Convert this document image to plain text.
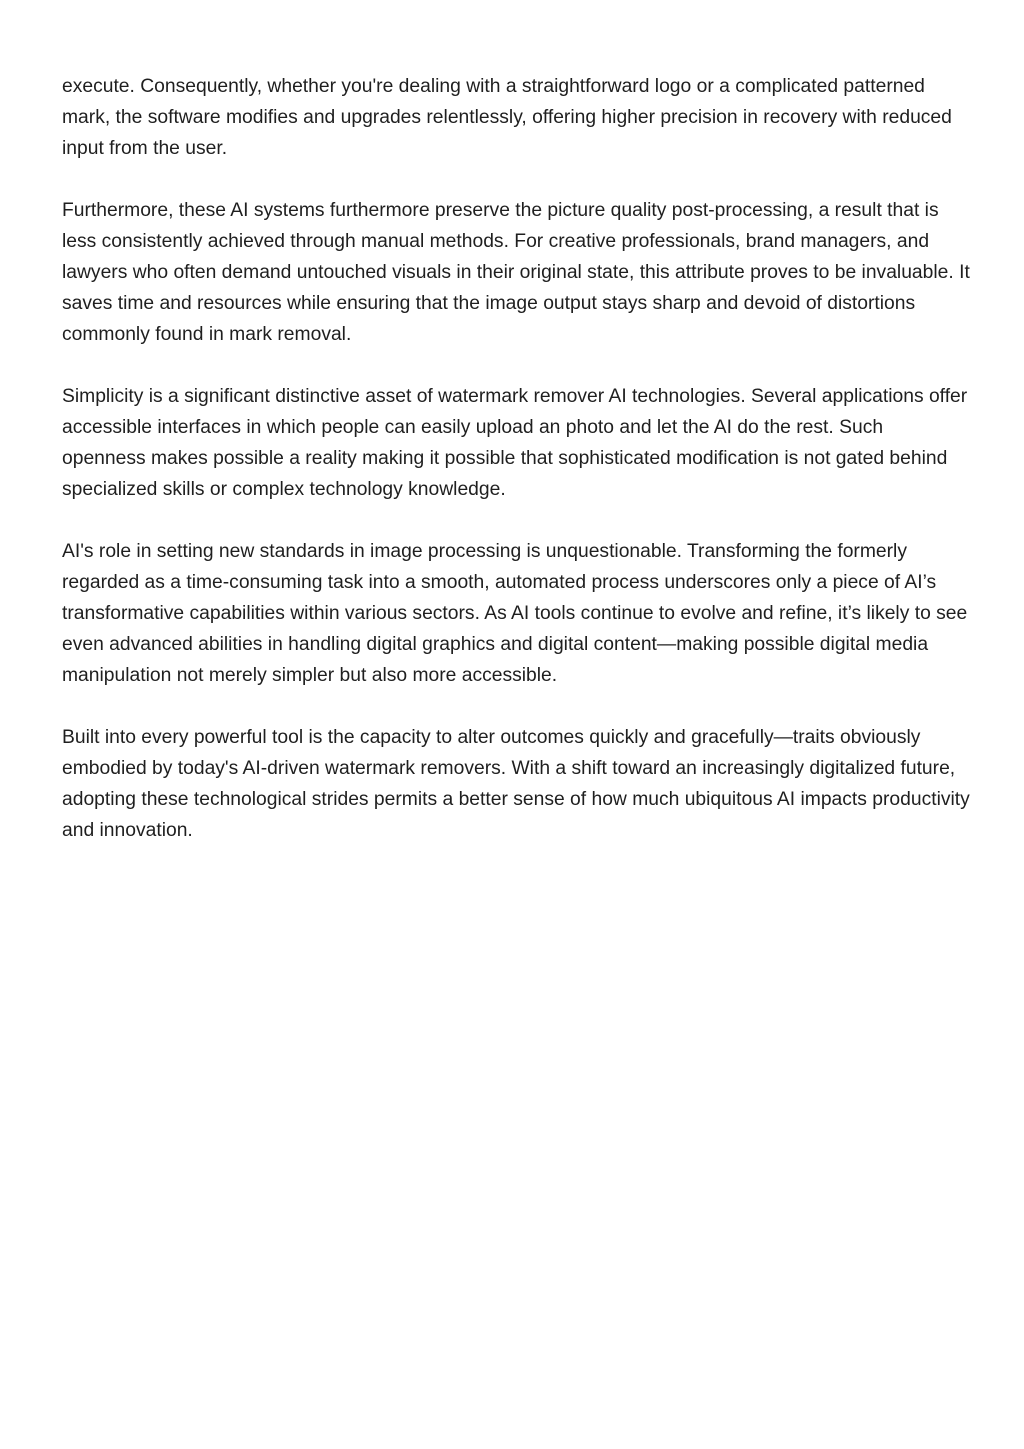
execute. Consequently, whether you're dealing with a straightforward logo or a complicated patterned mark, the software modifies and upgrades relentlessly, offering higher precision in recovery with reduced input from the user.

Furthermore, these AI systems furthermore preserve the picture quality post-processing, a result that is less consistently achieved through manual methods. For creative professionals, brand managers, and lawyers who often demand untouched visuals in their original state, this attribute proves to be invaluable. It saves time and resources while ensuring that the image output stays sharp and devoid of distortions commonly found in mark removal.

Simplicity is a significant distinctive asset of watermark remover AI technologies. Several applications offer accessible interfaces in which people can easily upload an photo and let the AI do the rest. Such openness makes possible a reality making it possible that sophisticated modification is not gated behind specialized skills or complex technology knowledge.

AI's role in setting new standards in image processing is unquestionable. Transforming the formerly regarded as a time-consuming task into a smooth, automated process underscores only a piece of AI’s transformative capabilities within various sectors. As AI tools continue to evolve and refine, it’s likely to see even advanced abilities in handling digital graphics and digital content—making possible digital media manipulation not merely simpler but also more accessible.

Built into every powerful tool is the capacity to alter outcomes quickly and gracefully—traits obviously embodied by today's AI-driven watermark removers. With a shift toward an increasingly digitalized future, adopting these technological strides permits a better sense of how much ubiquitous AI impacts productivity and innovation.
